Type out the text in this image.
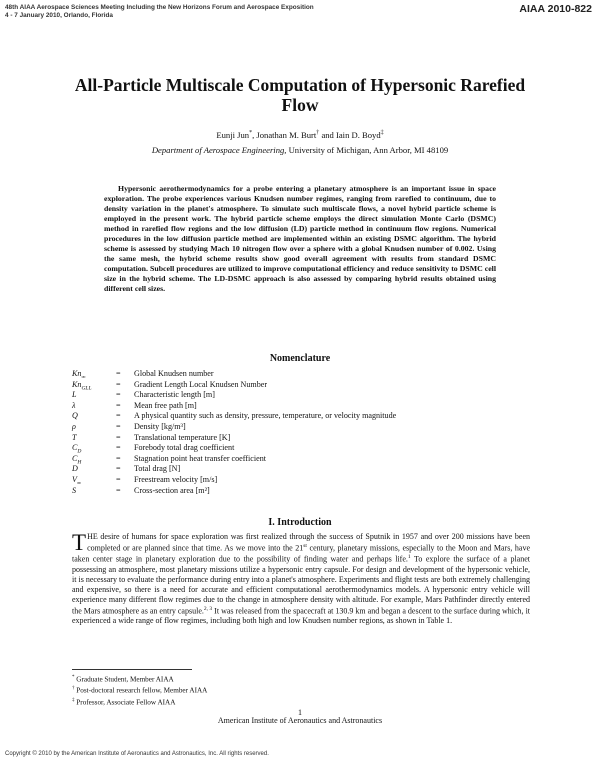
48th AIAA Aerospace Sciences Meeting Including the New Horizons Forum and Aerospace Exposition
4 - 7 January 2010, Orlando, Florida
AIAA 2010-822
All-Particle Multiscale Computation of Hypersonic Rarefied
Flow
Eunji Jun*, Jonathan M. Burt† and Iain D. Boyd‡
Department of Aerospace Engineering, University of Michigan, Ann Arbor, MI 48109
Hypersonic aerothermodynamics for a probe entering a planetary atmosphere is an important issue in space exploration. The probe experiences various Knudsen number regimes, ranging from rarefied to continuum, due to density variation in the planet's atmosphere. To simulate such multiscale flows, a novel hybrid particle scheme is employed in the present work. The hybrid particle scheme employs the direct simulation Monte Carlo (DSMC) method in rarefied flow regions and the low diffusion (LD) particle method in continuum flow regions. Numerical procedures in the low diffusion particle method are implemented within an existing DSMC algorithm. The hybrid scheme is assessed by studying Mach 10 nitrogen flow over a sphere with a global Knudsen number of 0.002. Using the same mesh, the hybrid scheme results show good overall agreement with results from standard DSMC computation. Subcell procedures are utilized to improve computational efficiency and reduce sensitivity to DSMC cell size in the hybrid scheme. The LD-DSMC approach is also assessed by comparing hybrid results obtained using different cell sizes.
Nomenclature
$Kn_\infty$	= Global Knudsen number
$Kn_{GLL}$	= Gradient Length Local Knudsen Number
L	= Characteristic length [m]
λ	= Mean free path [m]
Q	= A physical quantity such as density, pressure, temperature, or velocity magnitude
ρ	= Density [kg/m³]
T	= Translational temperature [K]
$C_D$	= Forebody total drag coefficient
$C_H$	= Stagnation point heat transfer coefficient
D	= Total drag [N]
$V_\infty$	= Freestream velocity [m/s]
S	= Cross-section area [m²]
I. Introduction
THE desire of humans for space exploration was first realized through the success of Sputnik in 1957 and over 200 missions have been completed or are planned since that time. As we move into the 21st century, planetary missions, especially to the Moon and Mars, have taken center stage in planetary exploration due to the possibility of finding water and perhaps life.$^1$ To explore the surface of a planet possessing an atmosphere, most planetary missions utilize a hypersonic entry capsule. For design and development of the hypersonic vehicle, it is necessary to evaluate the performance during entry into a planet's atmosphere. Experiments and flight tests are both extremely challenging and expensive, so there is a need for accurate and efficient computational aerothermodynamics models. A hypersonic entry vehicle will experience many different flow regimes due to the change in atmosphere density with altitude. For example, Mars Pathfinder directly entered the Mars atmosphere as an entry capsule.$^{2, 3}$ It was released from the spacecraft at 130.9 km and began a descent to the surface during which, it experienced a wide range of flow regimes, including both high and low Knudsen number regions, as shown in Table 1.
* Graduate Student, Member AIAA
† Post-doctoral research fellow, Member AIAA
‡ Professor, Associate Fellow AIAA
1
American Institute of Aeronautics and Astronautics
Copyright © 2010 by the American Institute of Aeronautics and Astronautics, Inc. All rights reserved.
